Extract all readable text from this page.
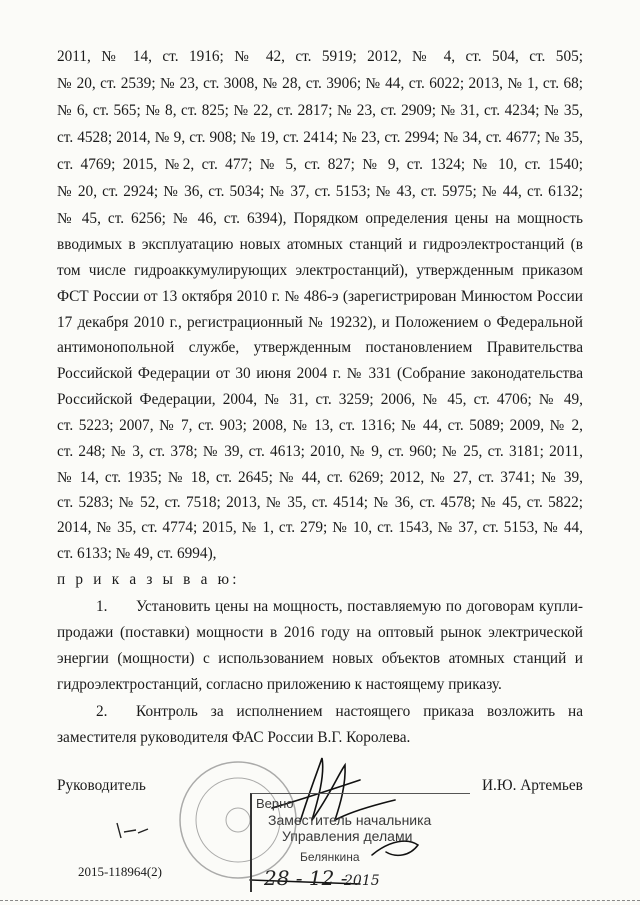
2011, № 14, ст. 1916; № 42, ст. 5919; 2012, № 4, ст. 504, ст. 505;
№ 20, ст. 2539; № 23, ст. 3008, № 28, ст. 3906; № 44, ст. 6022; 2013, № 1, ст. 68;
№ 6, ст. 565; № 8, ст. 825; № 22, ст. 2817; № 23, ст. 2909; № 31, ст. 4234; № 35,
ст. 4528; 2014, № 9, ст. 908; № 19, ст. 2414; № 23, ст. 2994; № 34, ст. 4677; № 35,
ст. 4769; 2015, №2, ст. 477; № 5, ст. 827; № 9, ст. 1324; № 10, ст. 1540;
№ 20, ст. 2924; № 36, ст. 5034; № 37, ст. 5153; № 43, ст. 5975; № 44, ст. 6132;
№ 45, ст. 6256; № 46, ст. 6394), Порядком определения цены на мощность
вводимых в эксплуатацию новых атомных станций и гидроэлектростанций (в
том числе гидроаккумулирующих электростанций), утвержденным приказом
ФСТ России от 13 октября 2010 г. № 486-э (зарегистрирован Минюстом России
17 декабря 2010 г., регистрационный № 19232), и Положением о Федеральной
антимонопольной службе, утвержденным постановлением Правительства
Российской Федерации от 30 июня 2004 г. № 331 (Собрание законодательства
Российской Федерации, 2004, № 31, ст. 3259; 2006, № 45, ст. 4706; № 49,
ст. 5223; 2007, № 7, ст. 903; 2008, № 13, ст. 1316; № 44, ст. 5089; 2009, № 2,
ст. 248; № 3, ст. 378; № 39, ст. 4613; 2010, № 9, ст. 960; № 25, ст. 3181; 2011,
№ 14, ст. 1935; № 18, ст. 2645; № 44, ст. 6269; 2012, № 27, ст. 3741; № 39,
ст. 5283; № 52, ст. 7518; 2013, № 35, ст. 4514; № 36, ст. 4578; № 45, ст. 5822;
2014, № 35, ст. 4774; 2015, № 1, ст. 279; № 10, ст. 1543, № 37, ст. 5153, № 44,
ст. 6133; № 49, ст. 6994),
п р и к а з ы в а ю:
1. Установить цены на мощность, поставляемую по договорам купли-
продажи (поставки) мощности в 2016 году на оптовый рынок электрической
энергии (мощности) с использованием новых объектов атомных станций и
гидроэлектростанций, согласно приложению к настоящему приказу.
2. Контроль за исполнением настоящего приказа возложить на
заместителя руководителя ФАС России В.Г. Королева.
Руководитель	И.Ю. Артемьев
Верно
Заместитель начальника
Управления делами
Белянкина
28 - 12 -
2015
2015-118964(2)
